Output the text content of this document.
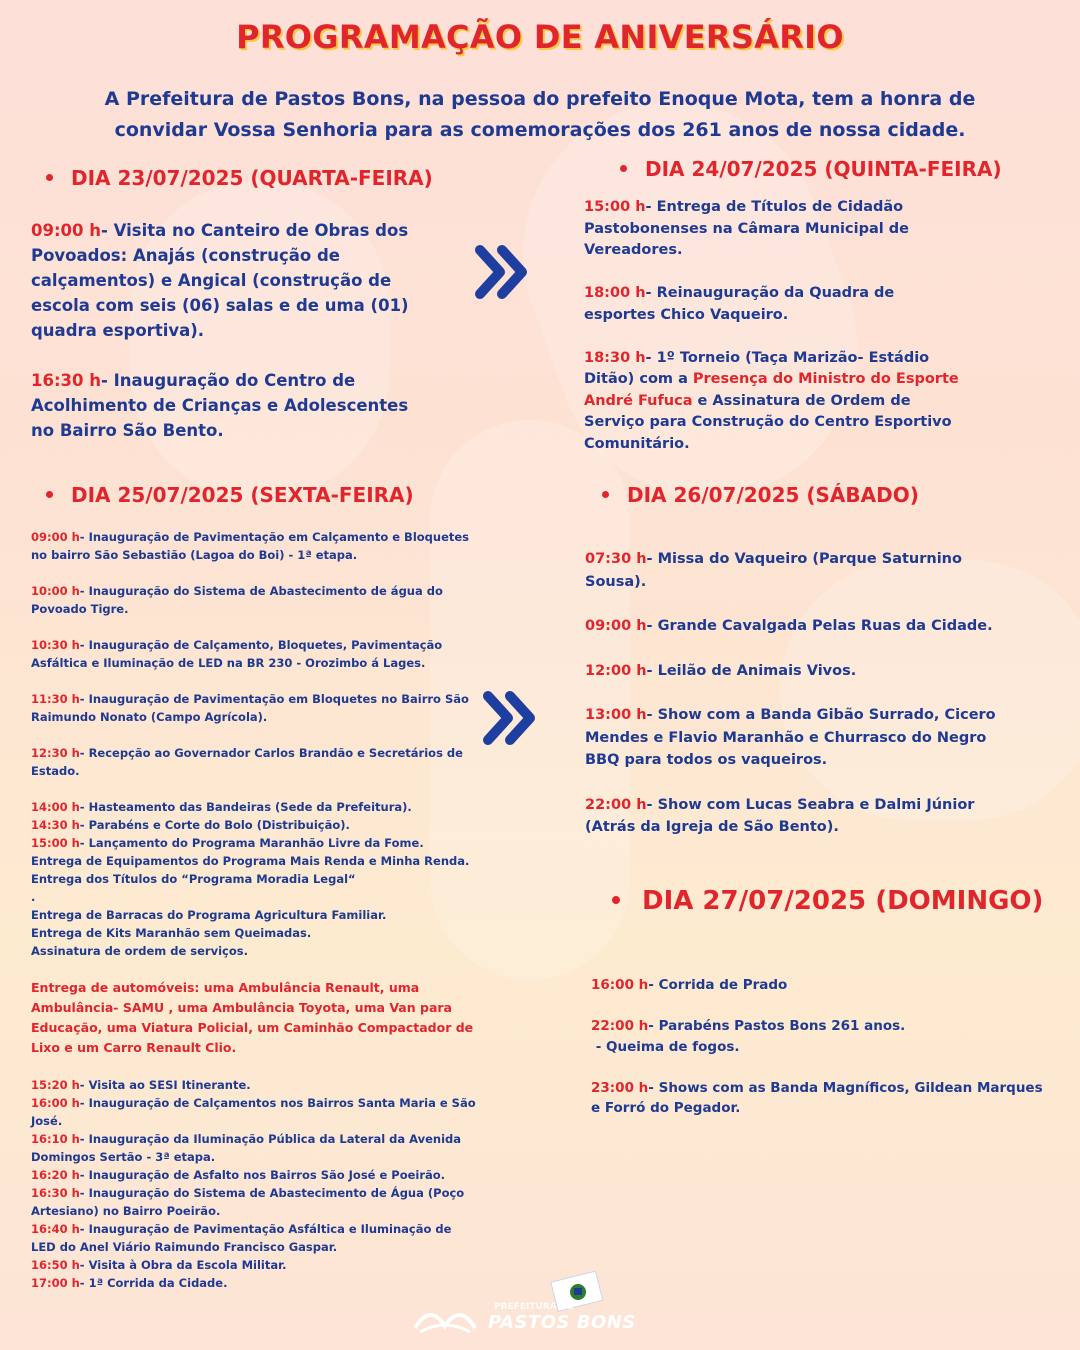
PROGRAMAÇÃO DE ANIVERSÁRIO
A Prefeitura de Pastos Bons, na pessoa do prefeito Enoque Mota, tem a honra de
convidar Vossa Senhoria para as comemorações dos 261 anos de nossa cidade.
DIA 23/07/2025 (QUARTA-FEIRA)

09:00 h- Visita no Canteiro de Obras dos Povoados: Anajás (construção de calçamentos) e Angical (construção de escola com seis (06) salas e de uma (01) quadra esportiva).

16:30 h- Inauguração do Centro de Acolhimento de Crianças e Adolescentes no Bairro São Bento.

DIA 24/07/2025 (QUINTA-FEIRA)

15:00 h- Entrega de Títulos de Cidadão Pastobonenses na Câmara Municipal de Vereadores.

18:00 h- Reinauguração da Quadra de esportes Chico Vaqueiro.

18:30 h- 1º Torneio (Taça Marizão- Estádio Ditão) com a Presença do Ministro do Esporte André Fufuca e Assinatura de Ordem de Serviço para Construção do Centro Esportivo Comunitário.

DIA 25/07/2025 (SEXTA-FEIRA)

09:00 h- Inauguração de Pavimentação em Calçamento e Bloquetes no bairro São Sebastião (Lagoa do Boi) - 1ª etapa.

10:00 h- Inauguração do Sistema de Abastecimento de água do Povoado Tigre.

10:30 h- Inauguração de Calçamento, Bloquetes, Pavimentação Asfáltica e Iluminação de LED na BR 230 - Orozimbo á Lages.

11:30 h- Inauguração de Pavimentação em Bloquetes no Bairro São Raimundo Nonato (Campo Agrícola).

12:30 h- Recepção ao Governador Carlos Brandão e Secretários de Estado.

14:00 h- Hasteamento das Bandeiras (Sede da Prefeitura).

14:30 h- Parabéns e Corte do Bolo (Distribuição).

15:00 h- Lançamento do Programa Maranhão Livre da Fome.

Entrega de Equipamentos do Programa Mais Renda e Minha Renda.

Entrega dos Títulos do “Programa Moradia Legal“

.

Entrega de Barracas do Programa Agricultura Familiar.

Entrega de Kits Maranhão sem Queimadas.

Assinatura de ordem de serviços.

Entrega de automóveis: uma Ambulância Renault, uma Ambulância- SAMU , uma Ambulância Toyota, uma Van para Educação, uma Viatura Policial, um Caminhão Compactador de Lixo e um Carro Renault Clio.

15:20 h- Visita ao SESI Itinerante.

16:00 h- Inauguração de Calçamentos nos Bairros Santa Maria e São José.

16:10 h- Inauguração da Iluminação Pública da Lateral da Avenida Domingos Sertão - 3ª etapa.

16:20 h- Inauguração de Asfalto nos Bairros São José e Poeirão.

16:30 h- Inauguração do Sistema de Abastecimento de Água (Poço Artesiano) no Bairro Poeirão.

16:40 h- Inauguração de Pavimentação Asfáltica e Iluminação de LED do Anel Viário Raimundo Francisco Gaspar.

16:50 h- Visita à Obra da Escola Militar.

17:00 h- 1ª Corrida da Cidade.

DIA 26/07/2025 (SÁBADO)

07:30 h- Missa do Vaqueiro (Parque Saturnino Sousa).

09:00 h- Grande Cavalgada Pelas Ruas da Cidade.

12:00 h- Leilão de Animais Vivos.

13:00 h- Show com a Banda Gibão Surrado, Cicero Mendes e Flavio Maranhão e Churrasco do Negro BBQ para todos os vaqueiros.

22:00 h- Show com Lucas Seabra e Dalmi Júnior (Atrás da Igreja de São Bento).

DIA 27/07/2025 (DOMINGO)

16:00 h- Corrida de Prado

22:00 h- Parabéns Pastos Bons 261 anos.

- Queima de fogos.

23:00 h- Shows com as Banda Magníficos, Gildean Marques e Forró do Pegador.

PREFEITURA DE
PASTOS BONS
